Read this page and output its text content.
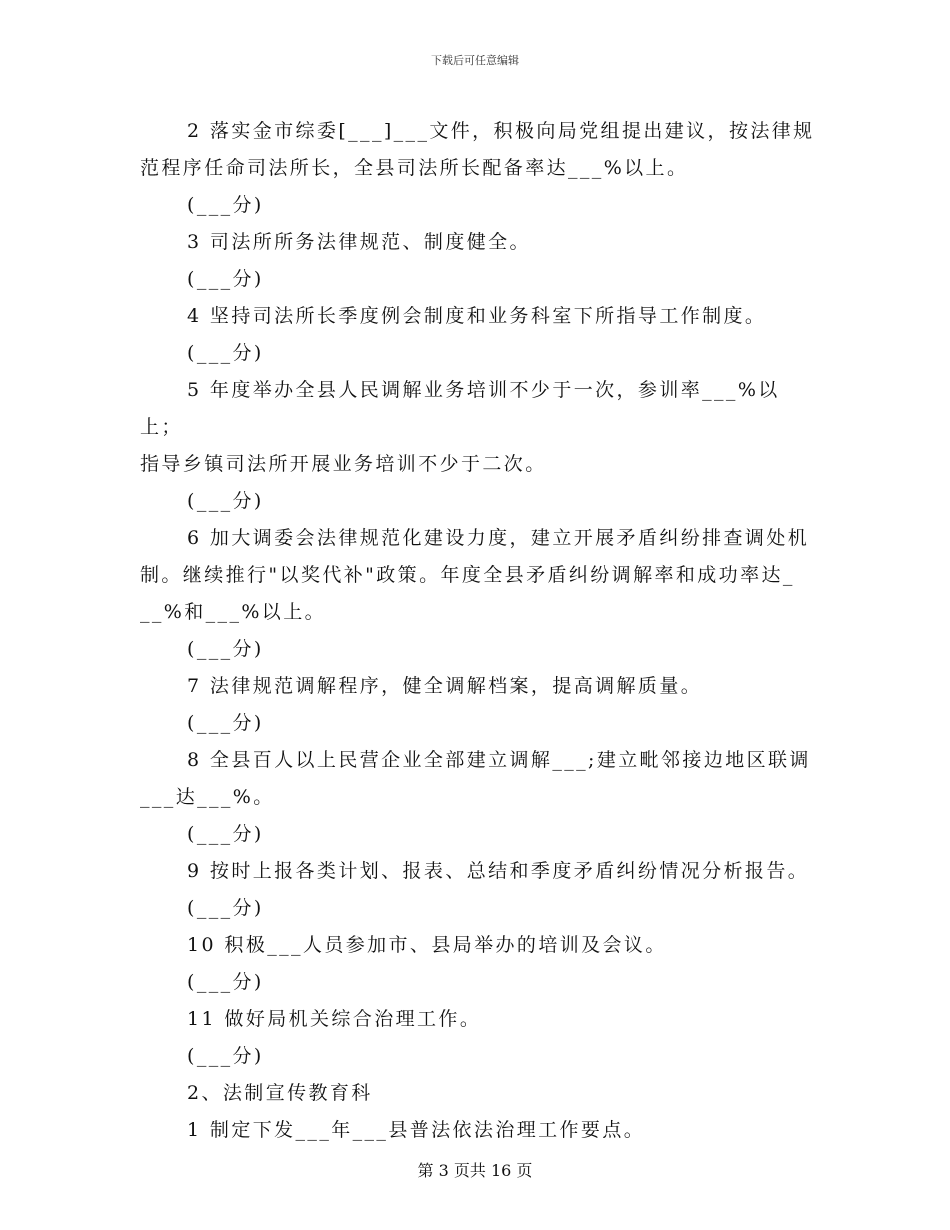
下载后可任意编辑

2 落实金市综委[___]___文件，积极向局党组提出建议，按法律规

范程序任命司法所长，全县司法所长配备率达___%以上。

(___分)

3 司法所所务法律规范、制度健全。

(___分)

4 坚持司法所长季度例会制度和业务科室下所指导工作制度。

(___分)

5 年度举办全县人民调解业务培训不少于一次，参训率___%以上；

指导乡镇司法所开展业务培训不少于二次。

(___分)

6 加大调委会法律规范化建设力度，建立开展矛盾纠纷排查调处机

制。继续推行"以奖代补"政策。年度全县矛盾纠纷调解率和成功率达_

__%和___%以上。

(___分)

7 法律规范调解程序，健全调解档案，提高调解质量。

(___分)

8 全县百人以上民营企业全部建立调解___;建立毗邻接边地区联调

___达___%。

(___分)

9 按时上报各类计划、报表、总结和季度矛盾纠纷情况分析报告。

(___分)

10 积极___人员参加市、县局举办的培训及会议。

(___分)

11 做好局机关综合治理工作。

(___分)

2、法制宣传教育科

1 制定下发___年___县普法依法治理工作要点。

第 3 页共 16 页
